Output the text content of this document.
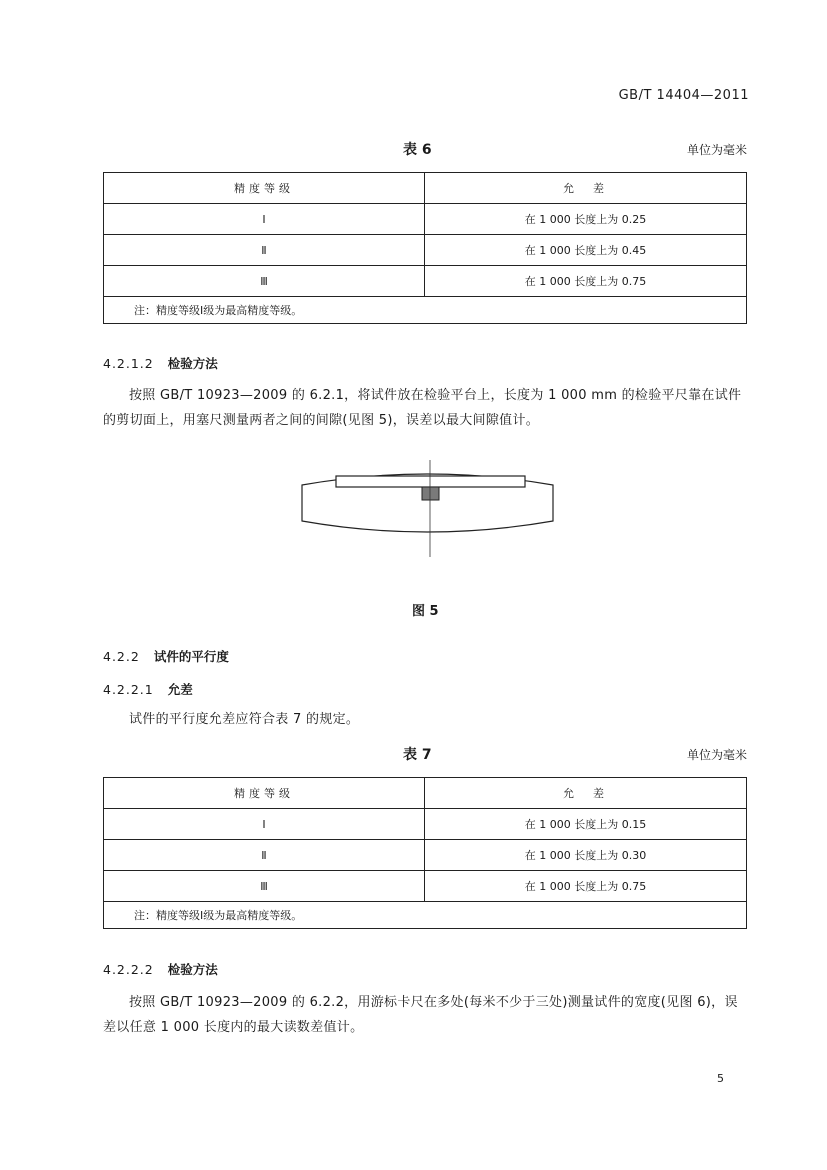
GB/T 14404—2011
表 6	单位为毫米
精度等级	允　差
Ⅰ	在 1 000 长度上为 0.25
Ⅱ	在 1 000 长度上为 0.45
Ⅲ	在 1 000 长度上为 0.75
注：精度等级Ⅰ级为最高精度等级。	
4.2.1.2 检验方法
按照 GB/T 10923—2009 的 6.2.1，将试件放在检验平台上，长度为 1 000 mm 的检验平尺靠在试件的剪切面上，用塞尺测量两者之间的间隙(见图 5)，误差以最大间隙值计。
图 5
4.2.2 试件的平行度
4.2.2.1 允差
试件的平行度允差应符合表 7 的规定。
表 7	单位为毫米
精度等级	允　差
Ⅰ	在 1 000 长度上为 0.15
Ⅱ	在 1 000 长度上为 0.30
Ⅲ	在 1 000 长度上为 0.75
注：精度等级Ⅰ级为最高精度等级。	
4.2.2.2 检验方法
按照 GB/T 10923—2009 的 6.2.2，用游标卡尺在多处(每米不少于三处)测量试件的宽度(见图 6)，误差以任意 1 000 长度内的最大读数差值计。
5
